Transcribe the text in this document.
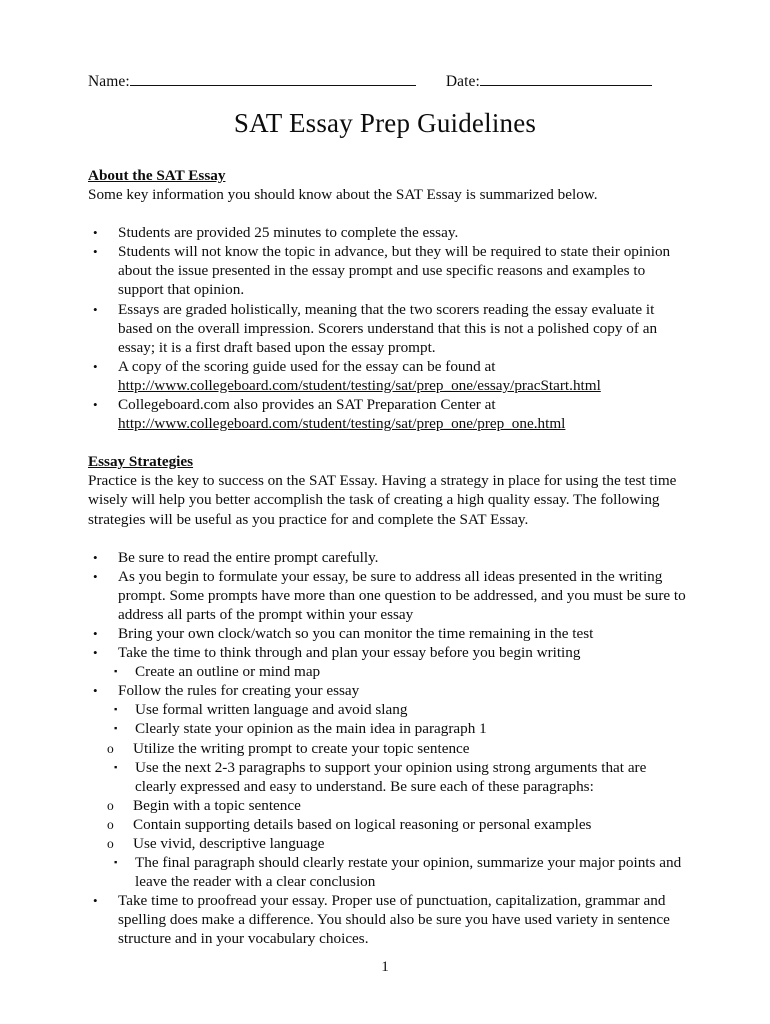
Name:	Date:
SAT Essay Prep Guidelines
About the SAT Essay

Some key information you should know about the SAT Essay is summarized below.

• Students are provided 25 minutes to complete the essay.
• Students will not know the topic in advance, but they will be required to state their opinion about the issue presented in the essay prompt and use specific reasons and examples to support that opinion.
• Essays are graded holistically, meaning that the two scorers reading the essay evaluate it based on the overall impression. Scorers understand that this is not a polished copy of an essay; it is a first draft based upon the essay prompt.
• A copy of the scoring guide used for the essay can be found at
http://www.collegeboard.com/student/testing/sat/prep_one/essay/pracStart.html
• Collegeboard.com also provides an SAT Preparation Center at
http://www.collegeboard.com/student/testing/sat/prep_one/prep_one.html
Essay Strategies

Practice is the key to success on the SAT Essay. Having a strategy in place for using the test time wisely will help you better accomplish the task of creating a high quality essay. The following strategies will be useful as you practice for and complete the SAT Essay.

• Be sure to read the entire prompt carefully.
• As you begin to formulate your essay, be sure to address all ideas presented in the writing prompt. Some prompts have more than one question to be addressed, and you must be sure to address all parts of the prompt within your essay
• Bring your own clock/watch so you can monitor the time remaining in the test
• Take the time to think through and plan your essay before you begin writing
▪ Create an outline or mind map
• Follow the rules for creating your essay
▪ Use formal written language and avoid slang
▪ Clearly state your opinion as the main idea in paragraph 1
o Utilize the writing prompt to create your topic sentence
▪ Use the next 2-3 paragraphs to support your opinion using strong arguments that are clearly expressed and easy to understand. Be sure each of these paragraphs:
o Begin with a topic sentence
o Contain supporting details based on logical reasoning or personal examples
o Use vivid, descriptive language
▪ The final paragraph should clearly restate your opinion, summarize your major points and leave the reader with a clear conclusion
• Take time to proofread your essay. Proper use of punctuation, capitalization, grammar and spelling does make a difference. You should also be sure you have used variety in sentence structure and in your vocabulary choices.
1
